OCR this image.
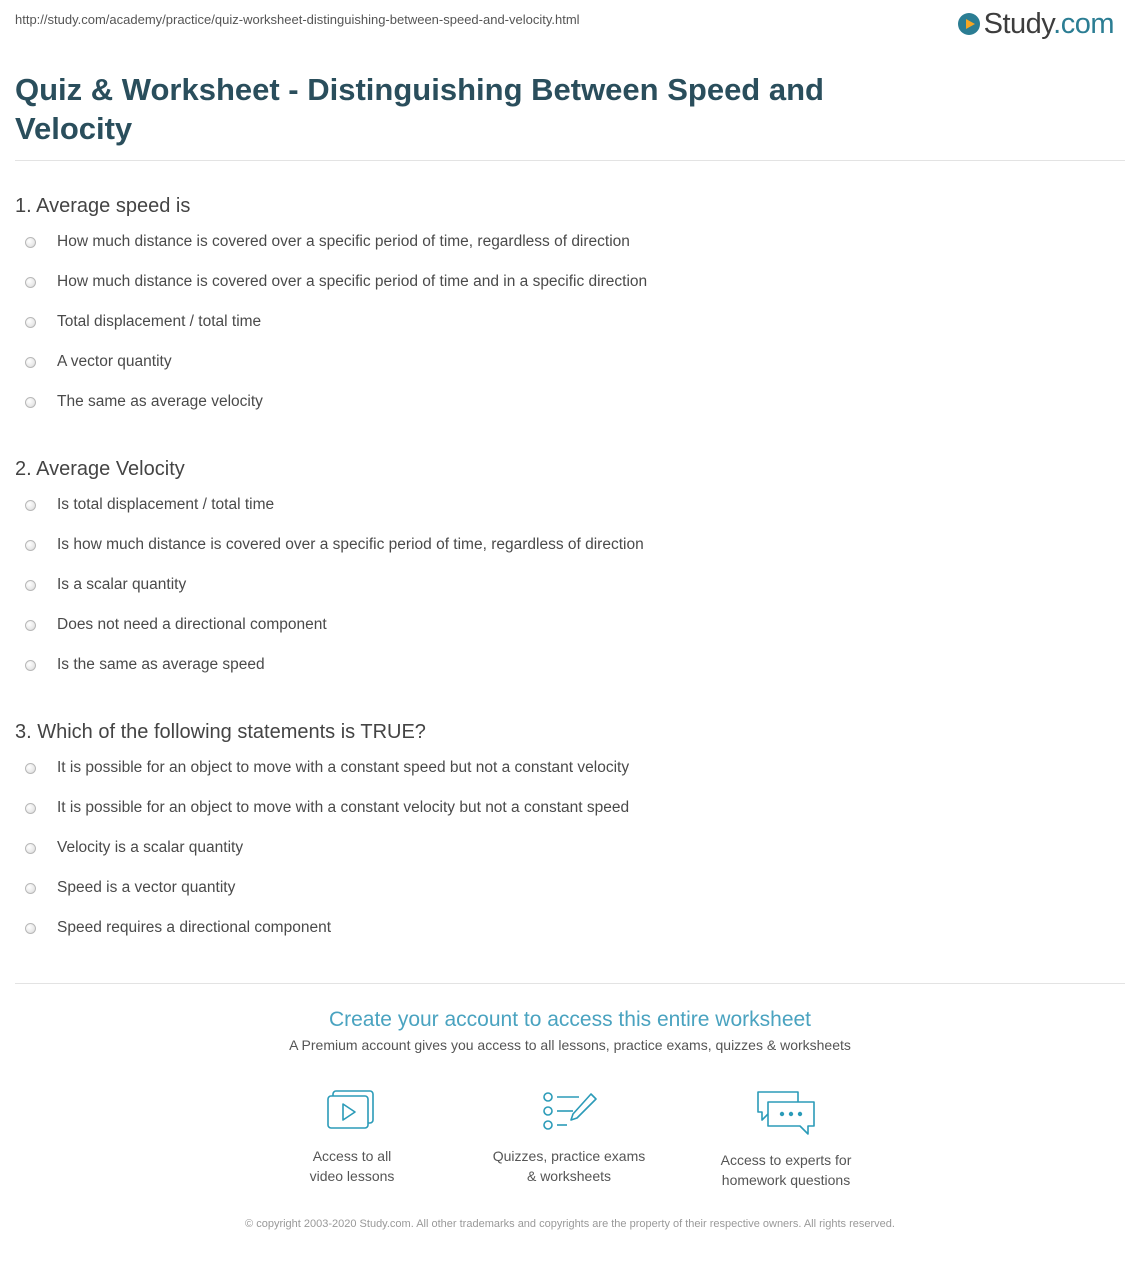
http://study.com/academy/practice/quiz-worksheet-distinguishing-between-speed-and-velocity.html	Study.com
Quiz & Worksheet - Distinguishing Between Speed and Velocity
1. Average speed is
How much distance is covered over a specific period of time, regardless of direction
How much distance is covered over a specific period of time and in a specific direction
Total displacement / total time
A vector quantity
The same as average velocity
2. Average Velocity
Is total displacement / total time
Is how much distance is covered over a specific period of time, regardless of direction
Is a scalar quantity
Does not need a directional component
Is the same as average speed
3. Which of the following statements is TRUE?
It is possible for an object to move with a constant speed but not a constant velocity
It is possible for an object to move with a constant velocity but not a constant speed
Velocity is a scalar quantity
Speed is a vector quantity
Speed requires a directional component

Create your account to access this entire worksheet

A Premium account gives you access to all lessons, practice exams, quizzes & worksheets

Access to all
video lessons
Quizzes, practice exams
& worksheets
Access to experts for
homework questions
© copyright 2003-2020 Study.com. All other trademarks and copyrights are the property of their respective owners. All rights reserved.
